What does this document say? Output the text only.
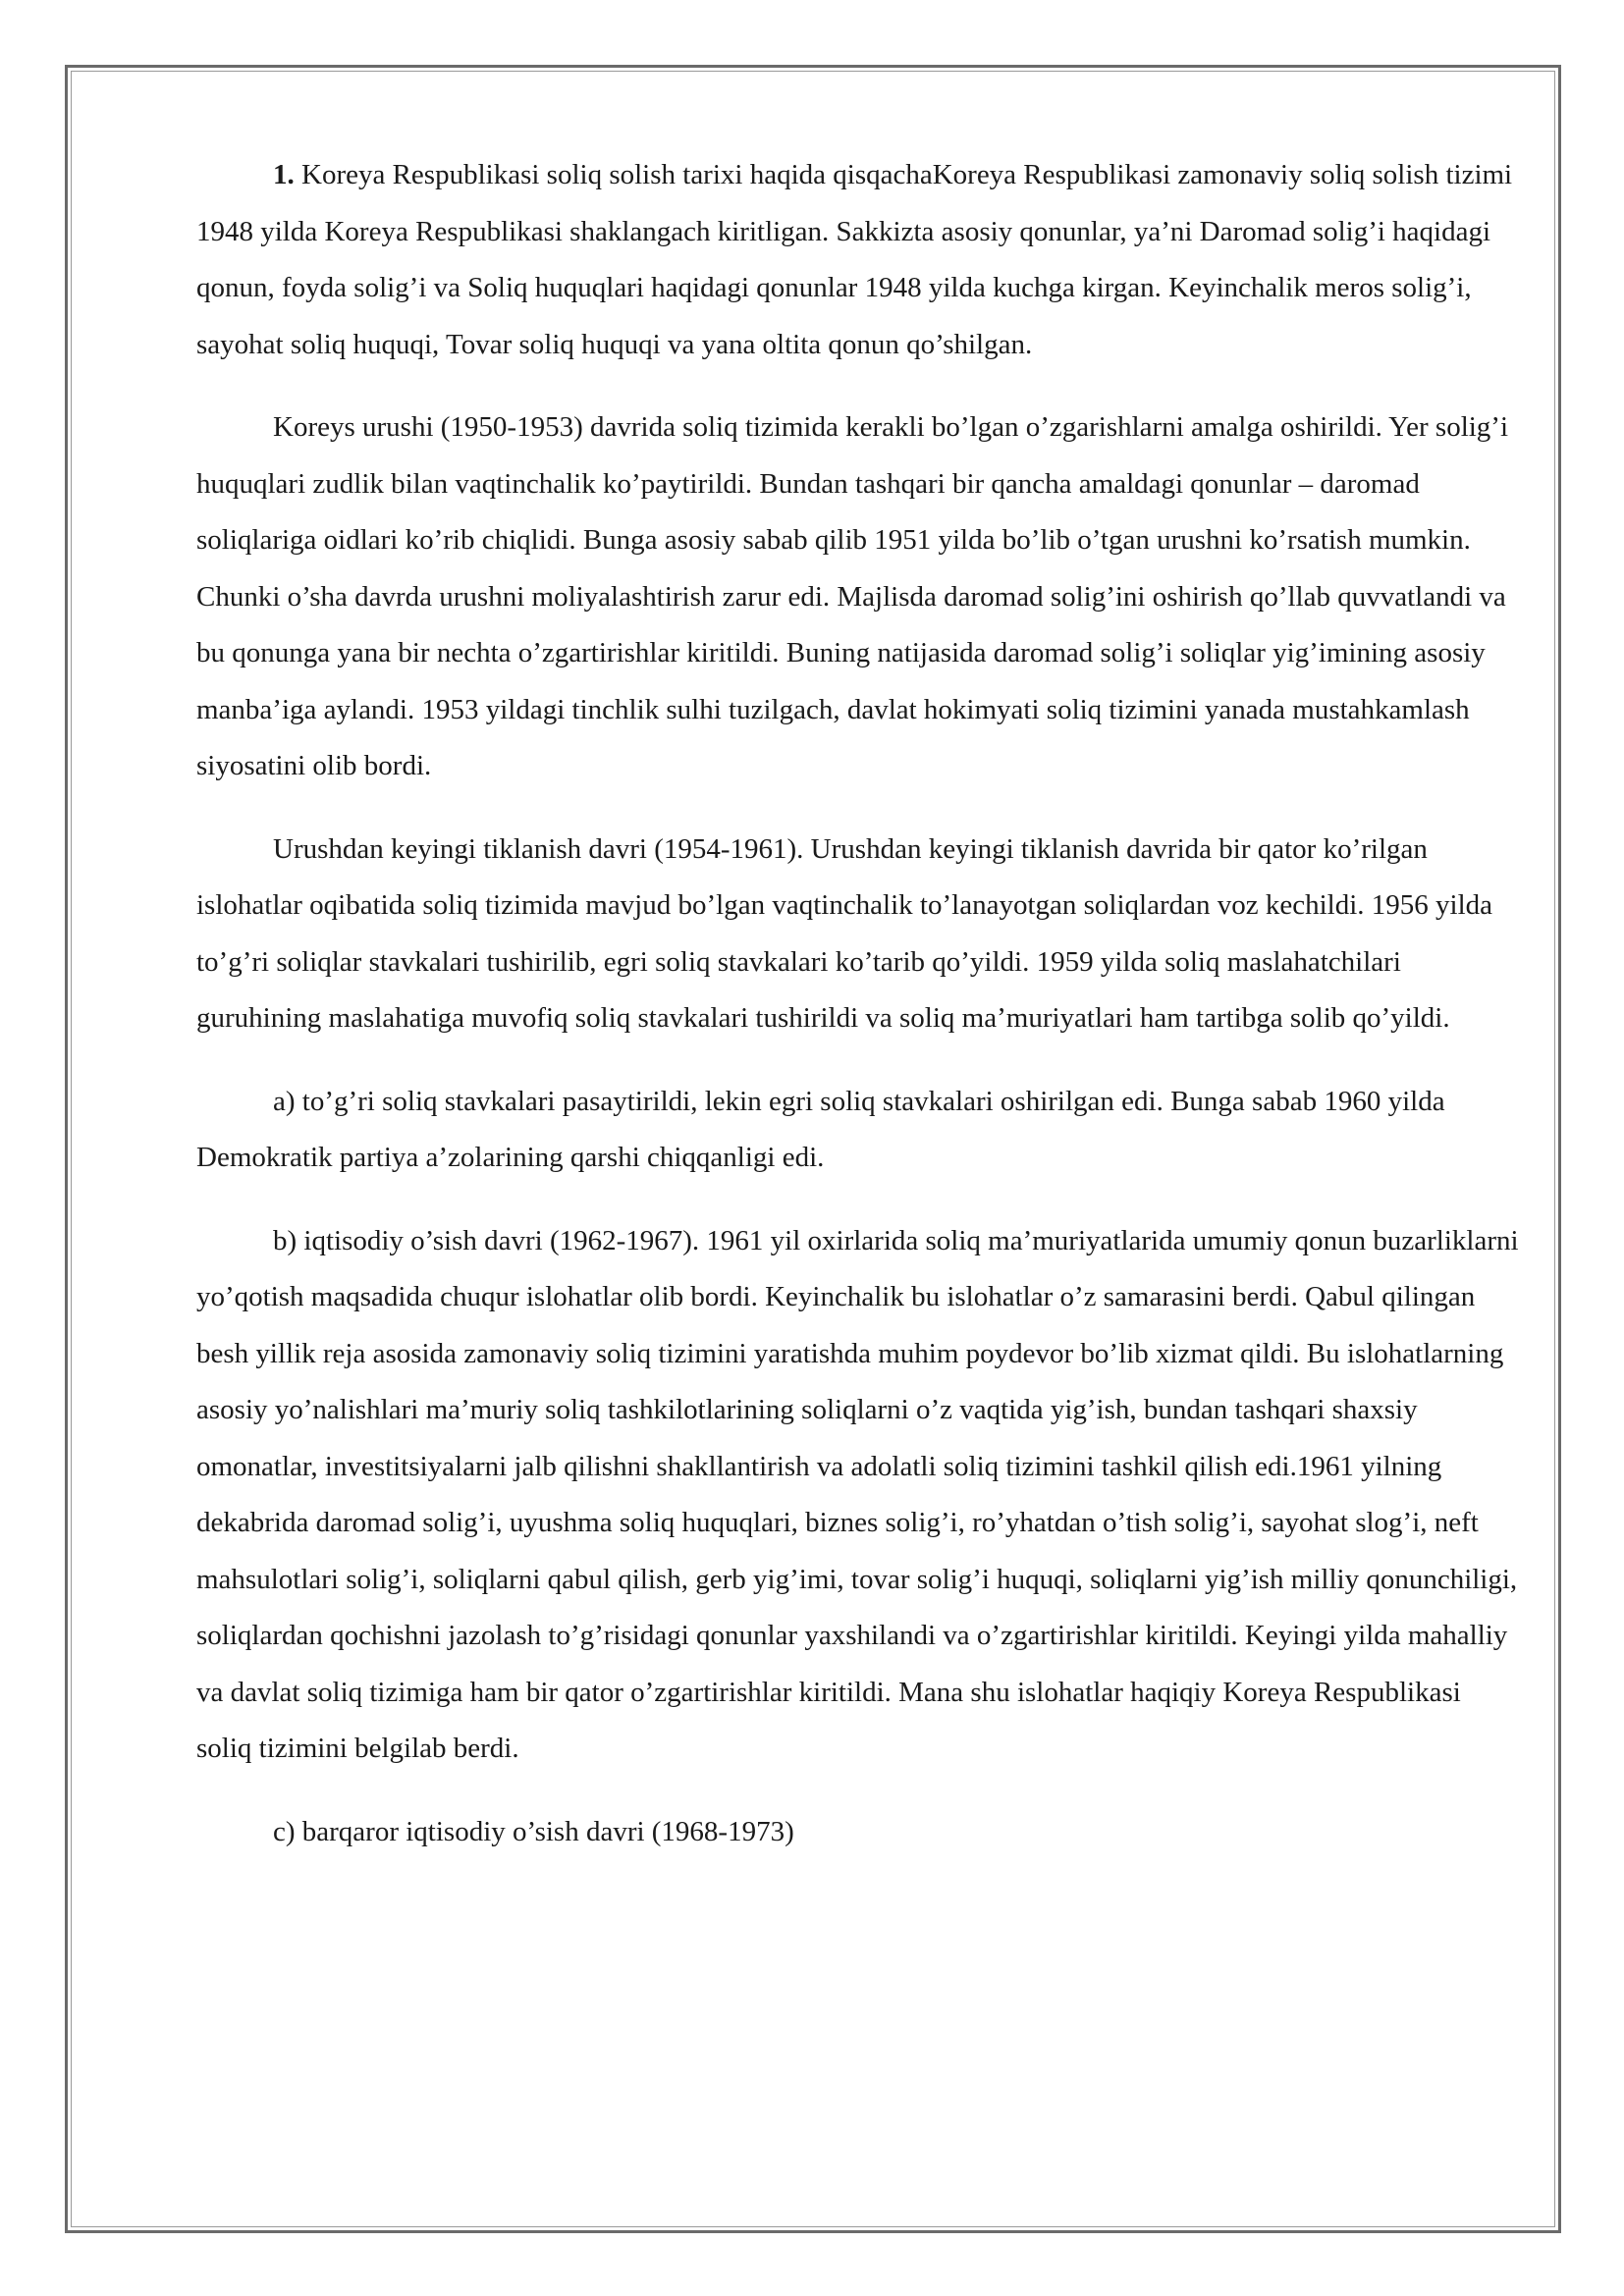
1. Koreya Respublikasi soliq solish tarixi haqida qisqachaKoreya Respublikasi zamonaviy soliq solish tizimi 1948 yilda Koreya Respublikasi shaklangach kiritligan. Sakkizta asosiy qonunlar, ya’ni Daromad solig’i haqidagi qonun, foyda solig’i va Soliq huquqlari haqidagi qonunlar 1948 yilda kuchga kirgan. Keyinchalik meros solig’i, sayohat soliq huquqi, Tovar soliq huquqi va yana oltita qonun qo’shilgan.

Koreys urushi (1950-1953) davrida soliq tizimida kerakli bo’lgan o’zgarishlarni amalga oshirildi. Yer solig’i huquqlari zudlik bilan vaqtinchalik ko’paytirildi. Bundan tashqari bir qancha amaldagi qonunlar – daromad soliqlariga oidlari ko’rib chiqlidi. Bunga asosiy sabab qilib 1951 yilda bo’lib o’tgan urushni ko’rsatish mumkin. Chunki o’sha davrda urushni moliyalashtirish zarur edi. Majlisda daromad solig’ini oshirish qo’llab quvvatlandi va bu qonunga yana bir nechta o’zgartirishlar kiritildi. Buning natijasida daromad solig’i soliqlar yig’imining asosiy manba’iga aylandi. 1953 yildagi tinchlik sulhi tuzilgach, davlat hokimyati soliq tizimini yanada mustahkamlash siyosatini olib bordi.

Urushdan keyingi tiklanish davri (1954-1961). Urushdan keyingi tiklanish davrida bir qator ko’rilgan islohatlar oqibatida soliq tizimida mavjud bo’lgan vaqtinchalik to’lanayotgan soliqlardan voz kechildi. 1956 yilda to’g’ri soliqlar stavkalari tushirilib, egri soliq stavkalari ko’tarib qo’yildi. 1959 yilda soliq maslahatchilari guruhining maslahatiga muvofiq soliq stavkalari tushirildi va soliq ma’muriyatlari ham tartibga solib qo’yildi.

a) to’g’ri soliq stavkalari pasaytirildi, lekin egri soliq stavkalari oshirilgan edi. Bunga sabab 1960 yilda Demokratik partiya a’zolarining qarshi chiqqanligi edi.

b) iqtisodiy o’sish davri (1962-1967). 1961 yil oxirlarida soliq ma’muriyatlarida umumiy qonun buzarliklarni yo’qotish maqsadida chuqur islohatlar olib bordi. Keyinchalik bu islohatlar o’z samarasini berdi. Qabul qilingan besh yillik reja asosida zamonaviy soliq tizimini yaratishda muhim poydevor bo’lib xizmat qildi. Bu islohatlarning asosiy yo’nalishlari ma’muriy soliq tashkilotlarining soliqlarni o’z vaqtida yig’ish, bundan tashqari shaxsiy omonatlar, investitsiyalarni jalb qilishni shakllantirish va adolatli soliq tizimini tashkil qilish edi.1961 yilning dekabrida daromad solig’i, uyushma soliq huquqlari, biznes solig’i, ro’yhatdan o’tish solig’i, sayohat slog’i, neft mahsulotlari solig’i, soliqlarni qabul qilish, gerb yig’imi, tovar solig’i huquqi, soliqlarni yig’ish milliy qonunchiligi, soliqlardan qochishni jazolash to’g’risidagi qonunlar yaxshilandi va o’zgartirishlar kiritildi. Keyingi yilda mahalliy va davlat soliq tizimiga ham bir qator o’zgartirishlar kiritildi. Mana shu islohatlar haqiqiy Koreya Respublikasi soliq tizimini belgilab berdi.

c) barqaror iqtisodiy o’sish davri (1968-1973)
